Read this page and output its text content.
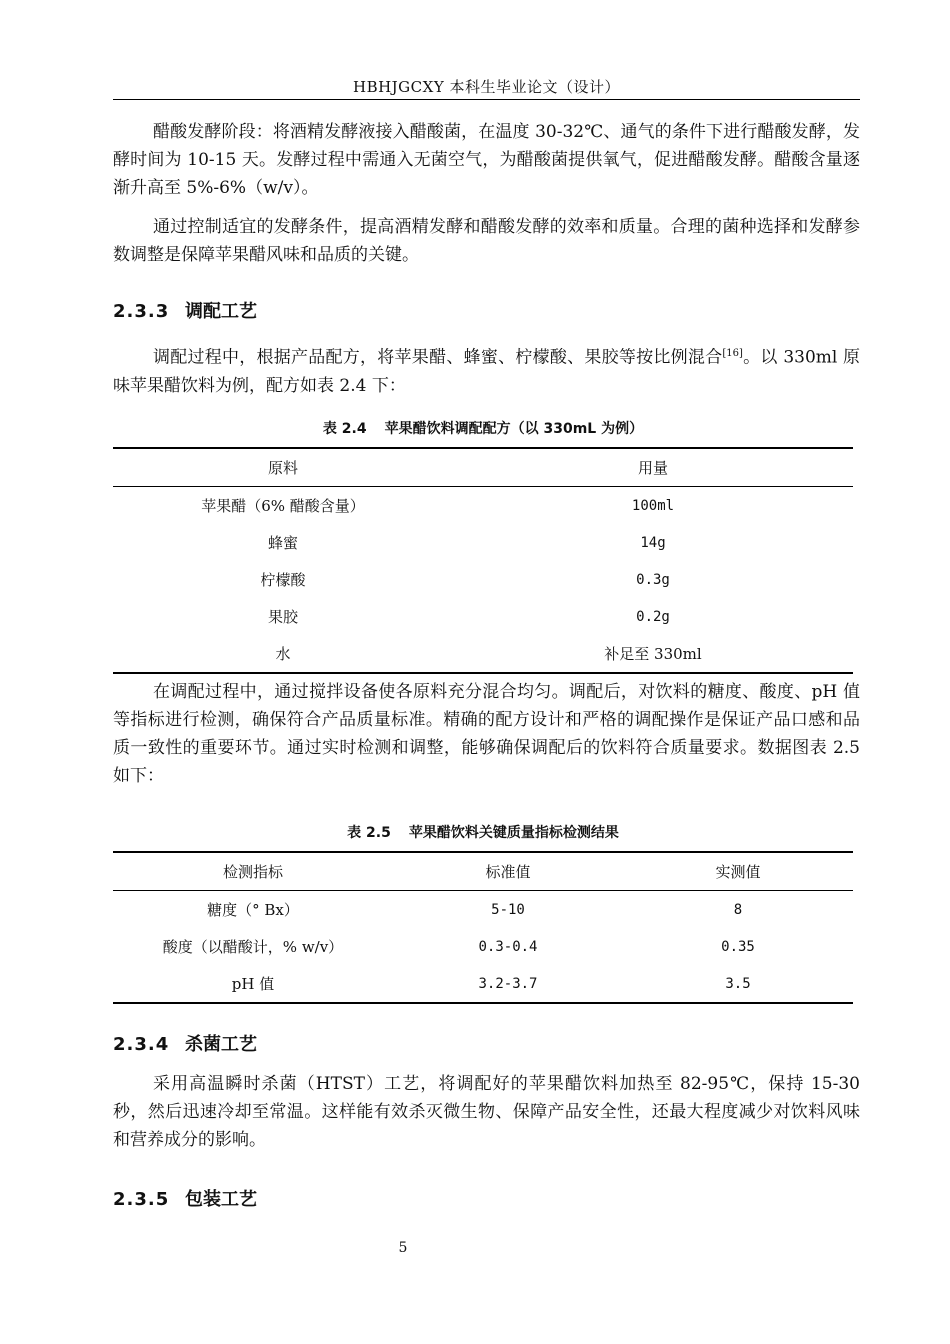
HBHJGCXY 本科生毕业论文（设计）

醋酸发酵阶段：将酒精发酵液接入醋酸菌，在温度 30-32℃、通气的条件下进行醋酸发酵，发酵时间为 10-15 天。发酵过程中需通入无菌空气，为醋酸菌提供氧气，促进醋酸发酵。醋酸含量逐渐升高至 5%-6%（w/v）。

通过控制适宜的发酵条件，提高酒精发酵和醋酸发酵的效率和质量。合理的菌种选择和发酵参数调整是保障苹果醋风味和品质的关键。

2.3.3 调配工艺

调配过程中，根据产品配方，将苹果醋、蜂蜜、柠檬酸、果胶等按比例混合[16]。以 330ml 原味苹果醋饮料为例，配方如表 2.4 下：

表 2.4 苹果醋饮料调配配方（以 330mL 为例）
原料	用量
苹果醋（6% 醋酸含量）	100ml
蜂蜜	14g
柠檬酸	0.3g
果胶	0.2g
水	补足至 330ml

在调配过程中，通过搅拌设备使各原料充分混合均匀。调配后，对饮料的糖度、酸度、pH 值等指标进行检测，确保符合产品质量标准。精确的配方设计和严格的调配操作是保证产品口感和品质一致性的重要环节。通过实时检测和调整，能够确保调配后的饮料符合质量要求。数据图表 2.5 如下：

表 2.5 苹果醋饮料关键质量指标检测结果
检测指标	标准值	实测值
糖度（° Bx）	5-10	8
酸度（以醋酸计，% w/v）	0.3-0.4	0.35
pH 值	3.2-3.7	3.5
2.3.4 杀菌工艺

采用高温瞬时杀菌（HTST）工艺，将调配好的苹果醋饮料加热至 82-95℃，保持 15-30 秒，然后迅速冷却至常温。这样能有效杀灭微生物、保障产品安全性，还最大程度减少对饮料风味和营养成分的影响。

2.3.5 包装工艺
5
